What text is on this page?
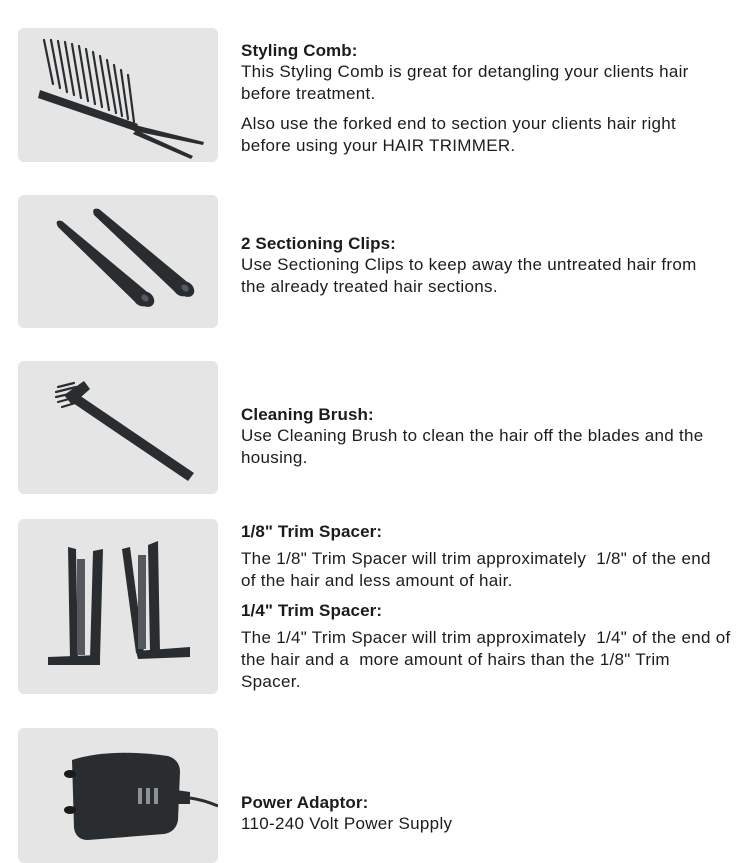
Styling Comb:
This Styling Comb is great for detangling your clients hair before treatment.
Also use the forked end to section your clients hair right before using your HAIR TRIMMER.
2 Sectioning Clips:
Use Sectioning Clips to keep away the untreated hair from the already treated hair sections.
Cleaning Brush:
Use Cleaning Brush to clean the hair off the blades and the housing.
1/8" Trim Spacer:
The 1/8" Trim Spacer will trim approximately  1/8" of the end of the hair and less amount of hair.
1/4" Trim Spacer:
The 1/4" Trim Spacer will trim approximately  1/4" of the end of the hair and a  more amount of hairs than the 1/8" Trim Spacer.
Power Adaptor:
110-240 Volt Power Supply
